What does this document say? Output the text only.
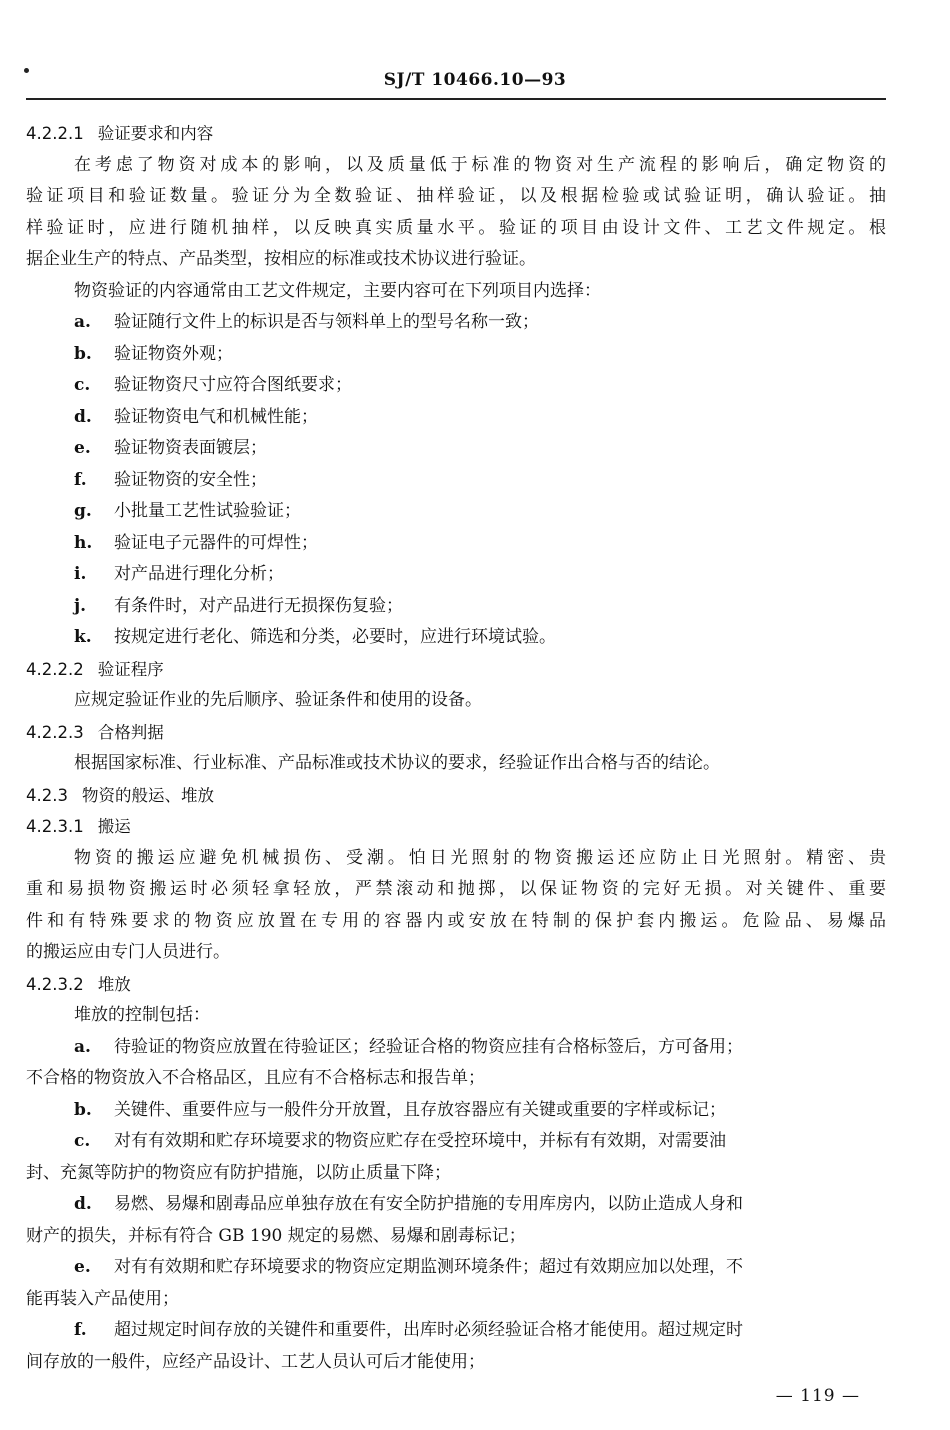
SJ/T 10466.10—93
4.2.2.1 验证要求和内容
在考虑了物资对成本的影响，以及质量低于标准的物资对生产流程的影响后，确定物资的
验证项目和验证数量。验证分为全数验证、抽样验证，以及根据检验或试验证明，确认验证。抽
样验证时，应进行随机抽样，以反映真实质量水平。验证的项目由设计文件、工艺文件规定。根
据企业生产的特点、产品类型，按相应的标准或技术协议进行验证。
物资验证的内容通常由工艺文件规定，主要内容可在下列项目内选择：
a. 验证随行文件上的标识是否与领料单上的型号名称一致；
b. 验证物资外观；
c. 验证物资尺寸应符合图纸要求；
d. 验证物资电气和机械性能；
e. 验证物资表面镀层；
f. 验证物资的安全性；
g. 小批量工艺性试验验证；
h. 验证电子元器件的可焊性；
i. 对产品进行理化分析；
j. 有条件时，对产品进行无损探伤复验；
k. 按规定进行老化、筛选和分类，必要时，应进行环境试验。
4.2.2.2 验证程序
应规定验证作业的先后顺序、验证条件和使用的设备。
4.2.2.3 合格判据
根据国家标准、行业标准、产品标准或技术协议的要求，经验证作出合格与否的结论。
4.2.3 物资的般运、堆放
4.2.3.1 搬运
物资的搬运应避免机械损伤、受潮。怕日光照射的物资搬运还应防止日光照射。精密、贵
重和易损物资搬运时必须轻拿轻放，严禁滚动和抛掷，以保证物资的完好无损。对关键件、重要
件和有特殊要求的物资应放置在专用的容器内或安放在特制的保护套内搬运。危险品、易爆品
的搬运应由专门人员进行。
4.2.3.2 堆放
堆放的控制包括：
a. 待验证的物资应放置在待验证区；经验证合格的物资应挂有合格标签后，方可备用；
不合格的物资放入不合格品区，且应有不合格标志和报告单；
b. 关键件、重要件应与一般件分开放置，且存放容器应有关键或重要的字样或标记；
c. 对有有效期和贮存环境要求的物资应贮存在受控环境中，并标有有效期，对需要油
封、充氮等防护的物资应有防护措施，以防止质量下降；
d. 易燃、易爆和剧毒品应单独存放在有安全防护措施的专用库房内，以防止造成人身和
财产的损失，并标有符合 GB 190 规定的易燃、易爆和剧毒标记；
e. 对有有效期和贮存环境要求的物资应定期监测环境条件；超过有效期应加以处理，不
能再装入产品使用；
f. 超过规定时间存放的关键件和重要件，出库时必须经验证合格才能使用。超过规定时
间存放的一般件，应经产品设计、工艺人员认可后才能使用；
— 119 —
